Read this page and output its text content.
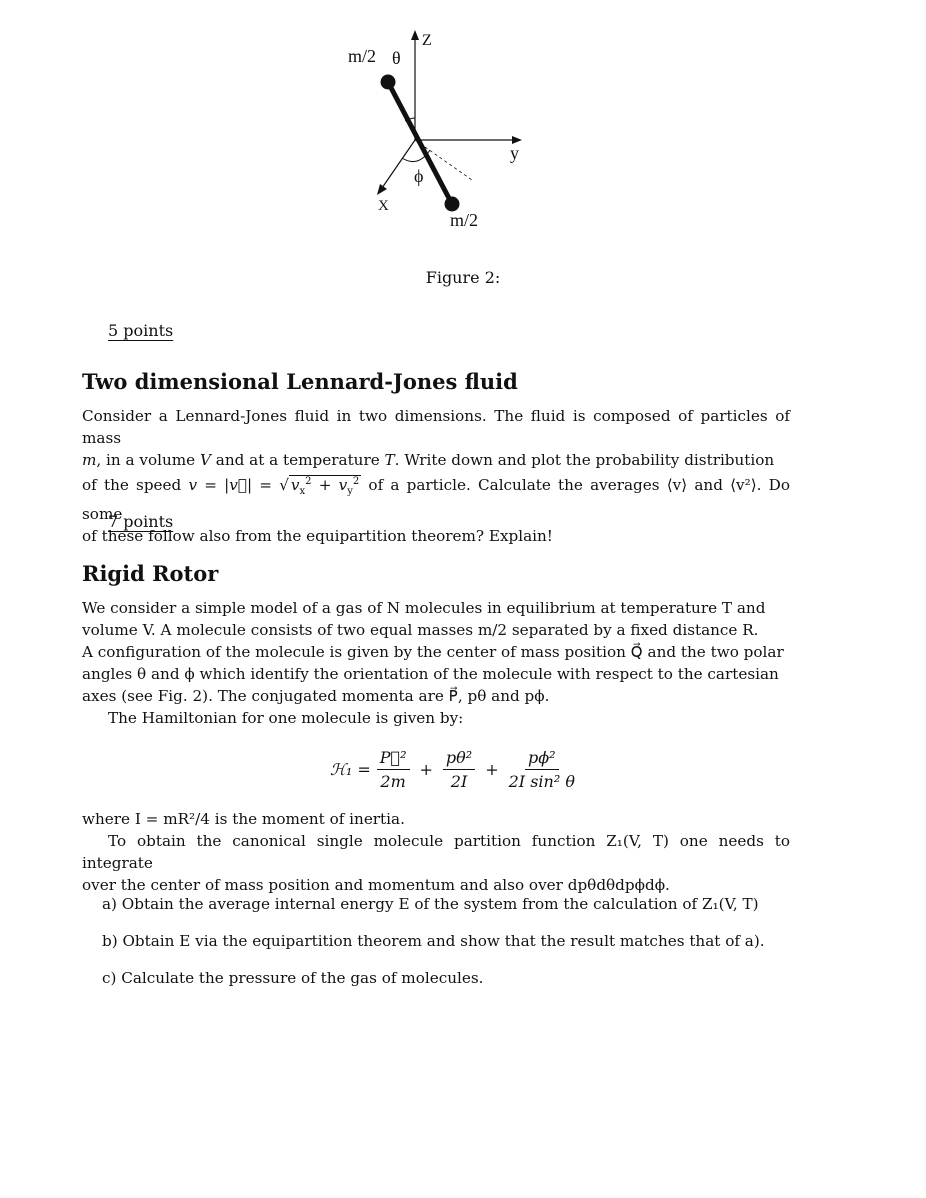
m/2 θ
Z
y
ϕ
X
m/2
Figure 2:
5 points
Two dimensional Lennard-Jones fluid

Consider a Lennard-Jones fluid in two dimensions. The fluid is composed of particles of mass

m, in a volume V and at a temperature T. Write down and plot the probability distribution

of the speed v = |v⃗| = √ $v_x^2 + v_y^2$ of a particle. Calculate the averages ⟨v⟩ and ⟨v²⟩. Do some

of these follow also from the equipartition theorem? Explain!

7 points
Rigid Rotor

We consider a simple model of a gas of N molecules in equilibrium at temperature T and

volume V. A molecule consists of two equal masses m/2 separated by a fixed distance R.

A configuration of the molecule is given by the center of mass position Q⃗ and the two polar

angles θ and ϕ which identify the orientation of the molecule with respect to the cartesian

axes (see Fig. 2). The conjugated momenta are P⃗, pθ and pϕ.

The Hamiltonian for one molecule is given by:

ℋ₁ = $\frac{\text{P⃗²}}{2m} + \frac{\text{pθ²}}{2I} + \frac{\text{pϕ²}}{\text{2I sin² θ}}$

where I = mR²/4 is the moment of inertia.

To obtain the canonical single molecule partition function Z₁(V, T) one needs to integrate

over the center of mass position and momentum and also over dpθdθdpϕdϕ.

a) Obtain the average internal energy E of the system from the calculation of Z₁(V, T)
b) Obtain E via the equipartition theorem and show that the result matches that of a).
c) Calculate the pressure of the gas of molecules.
